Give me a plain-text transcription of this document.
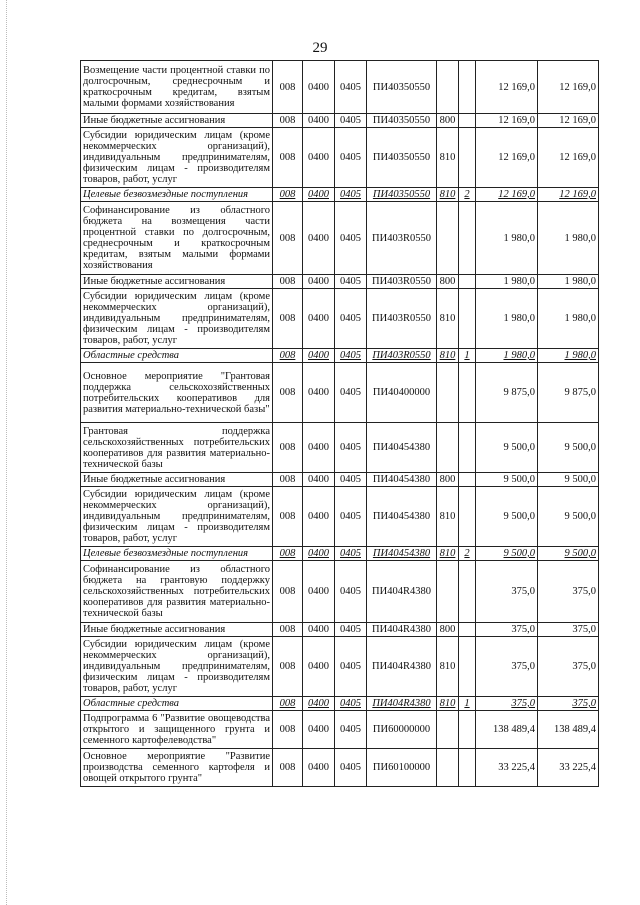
29
Возмещение части процентной ставки по долгосрочным, среднесрочным и краткосрочным кредитам, взятым малыми формами хозяйствования	008	0400	0405	ПИ40350550			12 169,0	12 169,0
Иные бюджетные ассигнования	008	0400	0405	ПИ40350550	800		12 169,0	12 169,0
Субсидии юридическим лицам (кроме некоммерческих организаций), индивидуальным предпринимателям, физическим лицам - производителям товаров, работ, услуг	008	0400	0405	ПИ40350550	810		12 169,0	12 169,0
Целевые безвозмездные поступления	008	0400	0405	ПИ40350550	810	2	12 169,0	12 169,0
Софинансирование из областного бюджета на возмещения части процентной ставки по долгосрочным, среднесрочным и краткосрочным кредитам, взятым малыми формами хозяйствования	008	0400	0405	ПИ403R0550			1 980,0	1 980,0
Иные бюджетные ассигнования	008	0400	0405	ПИ403R0550	800		1 980,0	1 980,0
Субсидии юридическим лицам (кроме некоммерческих организаций), индивидуальным предпринимателям, физическим лицам - производителям товаров, работ, услуг	008	0400	0405	ПИ403R0550	810		1 980,0	1 980,0
Областные средства	008	0400	0405	ПИ403R0550	810	1	1 980,0	1 980,0
Основное мероприятие "Грантовая поддержка сельскохозяйственных потребительских кооперативов для развития материально-технической базы"	008	0400	0405	ПИ40400000			9 875,0	9 875,0
Грантовая поддержка сельскохозяйственных потребительских кооперативов для развития материально-технической базы	008	0400	0405	ПИ40454380			9 500,0	9 500,0
Иные бюджетные ассигнования	008	0400	0405	ПИ40454380	800		9 500,0	9 500,0
Субсидии юридическим лицам (кроме некоммерческих организаций), индивидуальным предпринимателям, физическим лицам - производителям товаров, работ, услуг	008	0400	0405	ПИ40454380	810		9 500,0	9 500,0
Целевые безвозмездные поступления	008	0400	0405	ПИ40454380	810	2	9 500,0	9 500,0
Софинансирование из областного бюджета на грантовую поддержку сельскохозяйственных потребительских кооперативов для развития материально-технической базы	008	0400	0405	ПИ404R4380			375,0	375,0
Иные бюджетные ассигнования	008	0400	0405	ПИ404R4380	800		375,0	375,0
Субсидии юридическим лицам (кроме некоммерческих организаций), индивидуальным предпринимателям, физическим лицам - производителям товаров, работ, услуг	008	0400	0405	ПИ404R4380	810		375,0	375,0
Областные средства	008	0400	0405	ПИ404R4380	810	1	375,0	375,0
Подпрограмма 6 "Развитие овощеводства открытого и защищенного грунта и семенного картофелеводства"	008	0400	0405	ПИ60000000			138 489,4	138 489,4
Основное мероприятие "Развитие производства семенного картофеля и овощей открытого грунта"	008	0400	0405	ПИ60100000			33 225,4	33 225,4
